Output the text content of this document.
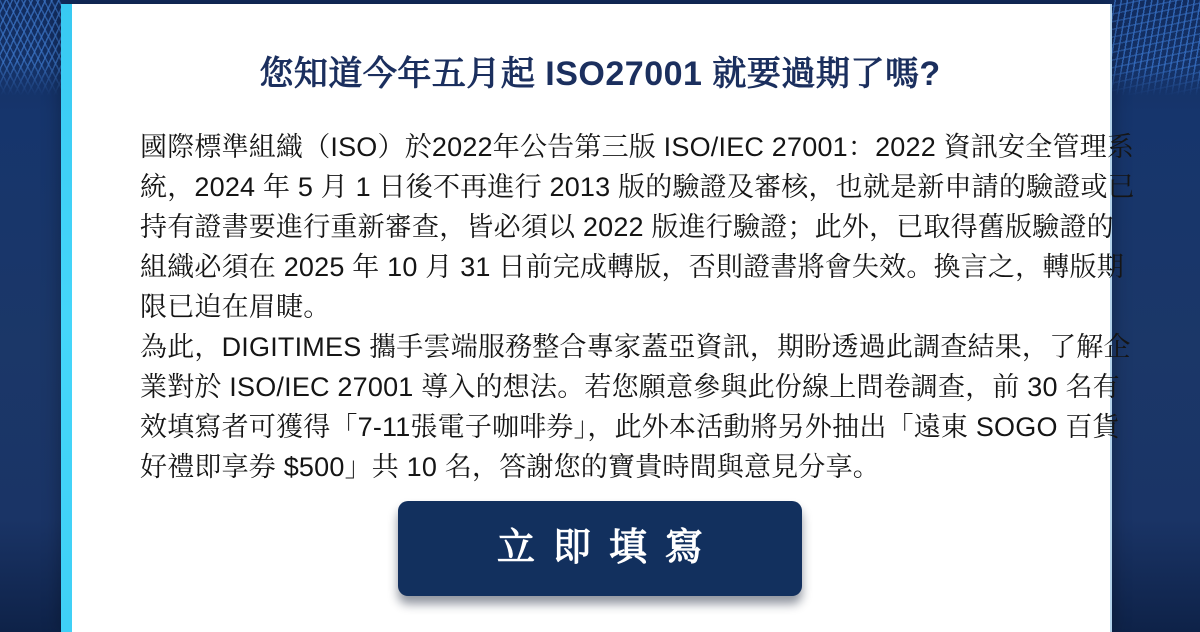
您知道今年五月起 ISO27001 就要過期了嗎?
國際標準組織（ISO）於2022年公告第三版 ISO/IEC 27001：2022 資訊安全管理系
統，2024 年 5 月 1 日後不再進行 2013 版的驗證及審核，也就是新申請的驗證或已
持有證書要進行重新審查，皆必須以 2022 版進行驗證；此外，已取得舊版驗證的
組織必須在 2025 年 10 月 31 日前完成轉版，否則證書將會失效。換言之，轉版期
限已迫在眉睫。
為此，DIGITIMES 攜手雲端服務整合專家蓋亞資訊，期盼透過此調查結果，了解企
業對於 ISO/IEC 27001 導入的想法。若您願意參與此份線上問卷調查，前 30 名有
效填寫者可獲得「7-11張電子咖啡券」，此外本活動將另外抽出「遠東 SOGO 百貨
好禮即享券 $500」共 10 名，答謝您的寶貴時間與意見分享。
立即填寫
